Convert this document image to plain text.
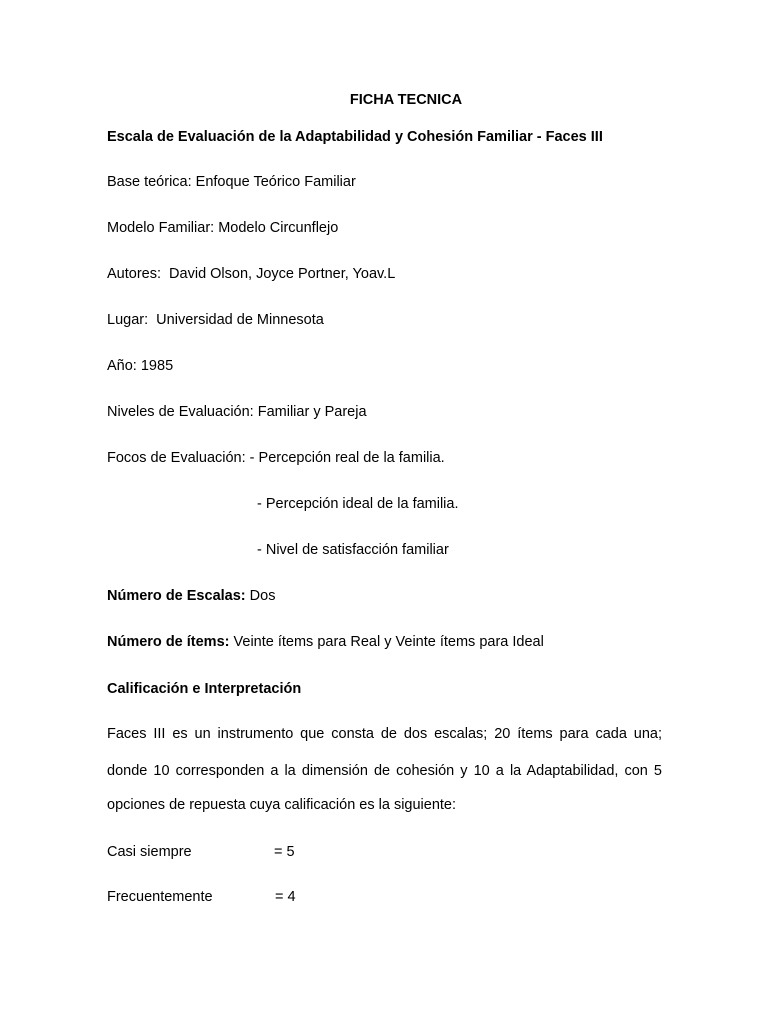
FICHA TECNICA
Escala de Evaluación de la Adaptabilidad y Cohesión Familiar - Faces III
Base teórica: Enfoque Teórico Familiar
Modelo Familiar: Modelo Circunflejo
Autores:  David Olson, Joyce Portner, Yoav.L
Lugar:  Universidad de Minnesota
Año: 1985
Niveles de Evaluación: Familiar y Pareja
Focos de Evaluación: - Percepción real de la familia.
- Percepción ideal de la familia.
- Nivel de satisfacción familiar
Número de Escalas: Dos
Número de ítems: Veinte ítems para Real y Veinte ítems para Ideal
Calificación e Interpretación
Faces III es un instrumento que consta de dos escalas; 20 ítems para cada una;
donde 10 corresponden a la dimensión de cohesión y 10 a la Adaptabilidad, con 5
opciones de repuesta cuya calificación es la siguiente:
Casi siempre	= 5
Frecuentemente	= 4
